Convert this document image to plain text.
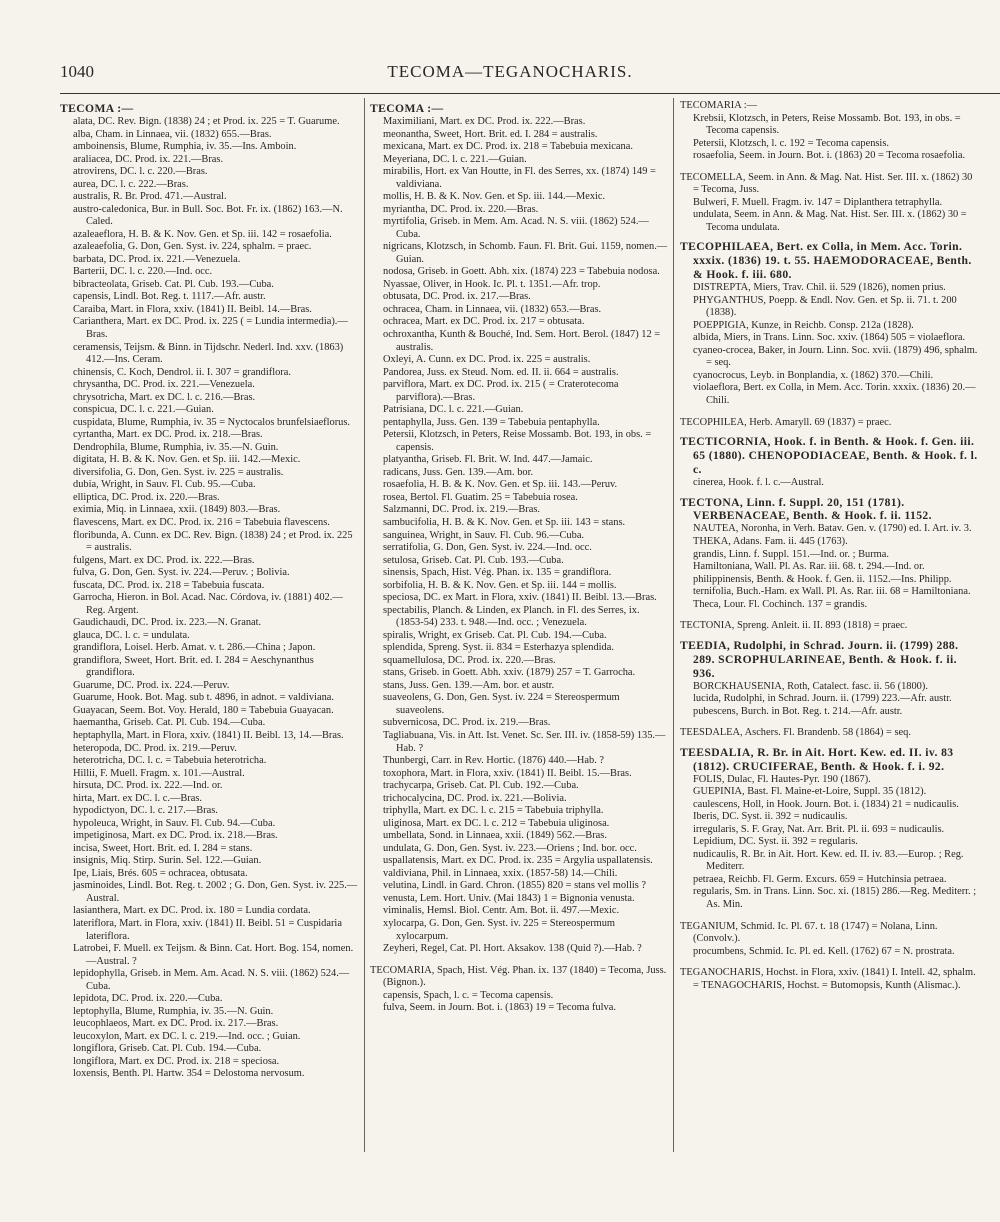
1040	TECOMA—TEGANOCHARIS.
TECOMA :—
alata, DC. Rev. Bign. (1838) 24 ; et Prod. ix. 225 = T. Guarume.
alba, Cham. in Linnaea, vii. (1832) 655.—Bras.
amboinensis, Blume, Rumphia, iv. 35.—Ins. Amboin.
araliacea, DC. Prod. ix. 221.—Bras.
atrovirens, DC. l. c. 220.—Bras.
aurea, DC. l. c. 222.—Bras.
australis, R. Br. Prod. 471.—Austral.
austro-caledonica, Bur. in Bull. Soc. Bot. Fr. ix. (1862) 163.—N. Caled.
azaleaeflora, H. B. & K. Nov. Gen. et Sp. iii. 142 = rosaefolia.
azaleaefolia, G. Don, Gen. Syst. iv. 224, sphalm. = praec.
barbata, DC. Prod. ix. 221.—Venezuela.
Barterii, DC. l. c. 220.—Ind. occ.
bibracteolata, Griseb. Cat. Pl. Cub. 193.—Cuba.
capensis, Lindl. Bot. Reg. t. 1117.—Afr. austr.
Caraiba, Mart. in Flora, xxiv. (1841) II. Beibl. 14.—Bras.
Carianthera, Mart. ex DC. Prod. ix. 225 ( = Lundia intermedia).—Bras.
ceramensis, Teijsm. & Binn. in Tijdschr. Nederl. Ind. xxv. (1863) 412.—Ins. Ceram.
chinensis, C. Koch, Dendrol. ii. I. 307 = grandiflora.
chrysantha, DC. Prod. ix. 221.—Venezuela.
chrysotricha, Mart. ex DC. l. c. 216.—Bras.
conspicua, DC. l. c. 221.—Guian.
cuspidata, Blume, Rumphia, iv. 35 = Nyctocalos brunfelsiaeflorus.
cyrtantha, Mart. ex DC. Prod. ix. 218.—Bras.
Dendrophila, Blume, Rumphia, iv. 35.—N. Guin.
digitata, H. B. & K. Nov. Gen. et Sp. iii. 142.—Mexic.
diversifolia, G. Don, Gen. Syst. iv. 225 = australis.
dubia, Wright, in Sauv. Fl. Cub. 95.—Cuba.
elliptica, DC. Prod. ix. 220.—Bras.
eximia, Miq. in Linnaea, xxii. (1849) 803.—Bras.
flavescens, Mart. ex DC. Prod. ix. 216 = Tabebuia flavescens.
floribunda, A. Cunn. ex DC. Rev. Bign. (1838) 24 ; et Prod. ix. 225 = australis.
fulgens, Mart. ex DC. Prod. ix. 222.—Bras.
fulva, G. Don, Gen. Syst. iv. 224.—Peruv. ; Bolivia.
fuscata, DC. Prod. ix. 218 = Tabebuia fuscata.
Garrocha, Hieron. in Bol. Acad. Nac. Córdova, iv. (1881) 402.—Reg. Argent.
Gaudichaudi, DC. Prod. ix. 223.—N. Granat.
glauca, DC. l. c. = undulata.
grandiflora, Loisel. Herb. Amat. v. t. 286.—China ; Japon.
grandiflora, Sweet, Hort. Brit. ed. I. 284 = Aeschynanthus grandiflora.
Guarume, DC. Prod. ix. 224.—Peruv.
Guarume, Hook. Bot. Mag. sub t. 4896, in adnot. = valdiviana.
Guayacan, Seem. Bot. Voy. Herald, 180 = Tabebuia Guayacan.
haemantha, Griseb. Cat. Pl. Cub. 194.—Cuba.
heptaphylla, Mart. in Flora, xxiv. (1841) II. Beibl. 13, 14.—Bras.
heteropoda, DC. Prod. ix. 219.—Peruv.
heterotricha, DC. l. c. = Tabebuia heterotricha.
Hillii, F. Muell. Fragm. x. 101.—Austral.
hirsuta, DC. Prod. ix. 222.—Ind. or.
hirta, Mart. ex DC. l. c.—Bras.
hypodictyon, DC. l. c. 217.—Bras.
hypoleuca, Wright, in Sauv. Fl. Cub. 94.—Cuba.
impetiginosa, Mart. ex DC. Prod. ix. 218.—Bras.
incisa, Sweet, Hort. Brit. ed. I. 284 = stans.
insignis, Miq. Stirp. Surin. Sel. 122.—Guian.
Ipe, Liais, Brés. 605 = ochracea, obtusata.
jasminoides, Lindl. Bot. Reg. t. 2002 ; G. Don, Gen. Syst. iv. 225.—Austral.
lasianthera, Mart. ex DC. Prod. ix. 180 = Lundia cordata.
lateriflora, Mart. in Flora, xxiv. (1841) II. Beibl. 51 = Cuspidaria lateriflora.
Latrobei, F. Muell. ex Teijsm. & Binn. Cat. Hort. Bog. 154, nomen.—Austral. ?
lepidophylla, Griseb. in Mem. Am. Acad. N. S. viii. (1862) 524.—Cuba.
lepidota, DC. Prod. ix. 220.—Cuba.
leptophylla, Blume, Rumphia, iv. 35.—N. Guin.
leucophlaeos, Mart. ex DC. Prod. ix. 217.—Bras.
leucoxylon, Mart. ex DC. l. c. 219.—Ind. occ. ; Guian.
longiflora, Griseb. Cat. Pl. Cub. 194.—Cuba.
longiflora, Mart. ex DC. Prod. ix. 218 = speciosa.
loxensis, Benth. Pl. Hartw. 354 = Delostoma nervosum.
TECOMA :—
Maximiliani, Mart. ex DC. Prod. ix. 222.—Bras.
meonantha, Sweet, Hort. Brit. ed. I. 284 = australis.
mexicana, Mart. ex DC. Prod. ix. 218 = Tabebuia mexicana.
Meyeriana, DC. l. c. 221.—Guian.
mirabilis, Hort. ex Van Houtte, in Fl. des Serres, xx. (1874) 149 = valdiviana.
mollis, H. B. & K. Nov. Gen. et Sp. iii. 144.—Mexic.
myriantha, DC. Prod. ix. 220.—Bras.
myrtifolia, Griseb. in Mem. Am. Acad. N. S. viii. (1862) 524.—Cuba.
nigricans, Klotzsch, in Schomb. Faun. Fl. Brit. Gui. 1159, nomen.—Guian.
nodosa, Griseb. in Goett. Abh. xix. (1874) 223 = Tabebuia nodosa.
Nyassae, Oliver, in Hook. Ic. Pl. t. 1351.—Afr. trop.
obtusata, DC. Prod. ix. 217.—Bras.
ochracea, Cham. in Linnaea, vii. (1832) 653.—Bras.
ochracea, Mart. ex DC. Prod. ix. 217 = obtusata.
ochroxantha, Kunth & Bouché, Ind. Sem. Hort. Berol. (1847) 12 = australis.
Oxleyi, A. Cunn. ex DC. Prod. ix. 225 = australis.
Pandorea, Juss. ex Steud. Nom. ed. II. ii. 664 = australis.
parviflora, Mart. ex DC. Prod. ix. 215 ( = Craterotecoma parviflora).—Bras.
Patrisiana, DC. l. c. 221.—Guian.
pentaphylla, Juss. Gen. 139 = Tabebuia pentaphylla.
Petersii, Klotzsch, in Peters, Reise Mossamb. Bot. 193, in obs. = capensis.
platyantha, Griseb. Fl. Brit. W. Ind. 447.—Jamaic.
radicans, Juss. Gen. 139.—Am. bor.
rosaefolia, H. B. & K. Nov. Gen. et Sp. iii. 143.—Peruv.
rosea, Bertol. Fl. Guatim. 25 = Tabebuia rosea.
Salzmanni, DC. Prod. ix. 219.—Bras.
sambucifolia, H. B. & K. Nov. Gen. et Sp. iii. 143 = stans.
sanguinea, Wright, in Sauv. Fl. Cub. 96.—Cuba.
serratifolia, G. Don, Gen. Syst. iv. 224.—Ind. occ.
setulosa, Griseb. Cat. Pl. Cub. 193.—Cuba.
sinensis, Spach, Hist. Vég. Phan. ix. 135 = grandiflora.
sorbifolia, H. B. & K. Nov. Gen. et Sp. iii. 144 = mollis.
speciosa, DC. ex Mart. in Flora, xxiv. (1841) II. Beibl. 13.—Bras.
spectabilis, Planch. & Linden, ex Planch. in Fl. des Serres, ix. (1853-54) 233. t. 948.—Ind. occ. ; Venezuela.
spiralis, Wright, ex Griseb. Cat. Pl. Cub. 194.—Cuba.
splendida, Spreng. Syst. ii. 834 = Esterhazya splendida.
squamellulosa, DC. Prod. ix. 220.—Bras.
stans, Griseb. in Goett. Abh. xxiv. (1879) 257 = T. Garrocha.
stans, Juss. Gen. 139.—Am. bor. et austr.
suaveolens, G. Don, Gen. Syst. iv. 224 = Stereospermum suaveolens.
subvernicosa, DC. Prod. ix. 219.—Bras.
Tagliabuana, Vis. in Att. Ist. Venet. Sc. Ser. III. iv. (1858-59) 135.—Hab. ?
Thunbergi, Carr. in Rev. Hortic. (1876) 440.—Hab. ?
toxophora, Mart. in Flora, xxiv. (1841) II. Beibl. 15.—Bras.
trachycarpa, Griseb. Cat. Pl. Cub. 192.—Cuba.
trichocalycina, DC. Prod. ix. 221.—Bolivia.
triphylla, Mart. ex DC. l. c. 215 = Tabebuia triphylla.
uliginosa, Mart. ex DC. l. c. 212 = Tabebuia uliginosa.
umbellata, Sond. in Linnaea, xxii. (1849) 562.—Bras.
undulata, G. Don, Gen. Syst. iv. 223.—Oriens ; Ind. bor. occ.
uspallatensis, Mart. ex DC. Prod. ix. 235 = Argylia uspallatensis.
valdiviana, Phil. in Linnaea, xxix. (1857-58) 14.—Chili.
velutina, Lindl. in Gard. Chron. (1855) 820 = stans vel mollis ?
venusta, Lem. Hort. Univ. (Mai 1843) 1 = Bignonia venusta.
viminalis, Hemsl. Biol. Centr. Am. Bot. ii. 497.—Mexic.
xylocarpa, G. Don, Gen. Syst. iv. 225 = Stereospermum xylocarpum.
Zeyheri, Regel, Cat. Pl. Hort. Aksakov. 138 (Quid ?).—Hab. ?
TECOMARIA, Spach, Hist. Vég. Phan. ix. 137 (1840) = Tecoma, Juss. (Bignon.).
capensis, Spach, l. c. = Tecoma capensis.
fulva, Seem. in Journ. Bot. i. (1863) 19 = Tecoma fulva.
TECOMARIA :—
Krebsii, Klotzsch, in Peters, Reise Mossamb. Bot. 193, in obs. = Tecoma capensis.
Petersii, Klotzsch, l. c. 192 = Tecoma capensis.
rosaefolia, Seem. in Journ. Bot. i. (1863) 20 = Tecoma rosaefolia.
TECOMELLA, Seem. in Ann. & Mag. Nat. Hist. Ser. III. x. (1862) 30 = Tecoma, Juss.
Bulweri, F. Muell. Fragm. iv. 147 = Diplanthera tetraphylla.
undulata, Seem. in Ann. & Mag. Nat. Hist. Ser. III. x. (1862) 30 = Tecoma undulata.
TECOPHILAEA, Bert. ex Colla, in Mem. Acc. Torin. xxxix. (1836) 19. t. 55. HAEMODORACEAE, Benth. & Hook. f. iii. 680.
DISTREPTA, Miers, Trav. Chil. ii. 529 (1826), nomen prius.
PHYGANTHUS, Poepp. & Endl. Nov. Gen. et Sp. ii. 71. t. 200 (1838).
POEPPIGIA, Kunze, in Reichb. Consp. 212a (1828).
albida, Miers, in Trans. Linn. Soc. xxiv. (1864) 505 = violaeflora.
cyaneo-crocea, Baker, in Journ. Linn. Soc. xvii. (1879) 496, sphalm. = seq.
cyanocrocus, Leyb. in Bonplandia, x. (1862) 370.—Chili.
violaeflora, Bert. ex Colla, in Mem. Acc. Torin. xxxix. (1836) 20.—Chili.
TECOPHILEA, Herb. Amaryll. 69 (1837) = praec.
TECTICORNIA, Hook. f. in Benth. & Hook. f. Gen. iii. 65 (1880). CHENOPODIACEAE, Benth. & Hook. f. l. c.
cinerea, Hook. f. l. c.—Austral.
TECTONA, Linn. f. Suppl. 20, 151 (1781). VERBENACEAE, Benth. & Hook. f. ii. 1152.
NAUTEA, Noronha, in Verh. Batav. Gen. v. (1790) ed. I. Art. iv. 3.
THEKA, Adans. Fam. ii. 445 (1763).
grandis, Linn. f. Suppl. 151.—Ind. or. ; Burma.
Hamiltoniana, Wall. Pl. As. Rar. iii. 68. t. 294.—Ind. or.
philippinensis, Benth. & Hook. f. Gen. ii. 1152.—Ins. Philipp.
ternifolia, Buch.-Ham. ex Wall. Pl. As. Rar. iii. 68 = Hamiltoniana.
Theca, Lour. Fl. Cochinch. 137 = grandis.
TECTONIA, Spreng. Anleit. ii. II. 893 (1818) = praec.
TEEDIA, Rudolphi, in Schrad. Journ. ii. (1799) 288. 289. SCROPHULARINEAE, Benth. & Hook. f. ii. 936.
BORCKHAUSENIA, Roth, Catalect. fasc. ii. 56 (1800).
lucida, Rudolphi, in Schrad. Journ. ii. (1799) 223.—Afr. austr.
pubescens, Burch. in Bot. Reg. t. 214.—Afr. austr.
TEESDALEA, Aschers. Fl. Brandenb. 58 (1864) = seq.
TEESDALIA, R. Br. in Ait. Hort. Kew. ed. II. iv. 83 (1812). CRUCIFERAE, Benth. & Hook. f. i. 92.
FOLIS, Dulac, Fl. Hautes-Pyr. 190 (1867).
GUEPINIA, Bast. Fl. Maine-et-Loire, Suppl. 35 (1812).
caulescens, Holl, in Hook. Journ. Bot. i. (1834) 21 = nudicaulis.
Iberis, DC. Syst. ii. 392 = nudicaulis.
irregularis, S. F. Gray, Nat. Arr. Brit. Pl. ii. 693 = nudicaulis.
Lepidium, DC. Syst. ii. 392 = regularis.
nudicaulis, R. Br. in Ait. Hort. Kew. ed. II. iv. 83.—Europ. ; Reg. Mediterr.
petraea, Reichb. Fl. Germ. Excurs. 659 = Hutchinsia petraea.
regularis, Sm. in Trans. Linn. Soc. xi. (1815) 286.—Reg. Mediterr. ; As. Min.
TEGANIUM, Schmid. Ic. Pl. 67. t. 18 (1747) = Nolana, Linn. (Convolv.).
procumbens, Schmid. Ic. Pl. ed. Kell. (1762) 67 = N. prostrata.
TEGANOCHARIS, Hochst. in Flora, xxiv. (1841) I. Intell. 42, sphalm. = TENAGOCHARIS, Hochst. = Butomopsis, Kunth (Alismac.).
